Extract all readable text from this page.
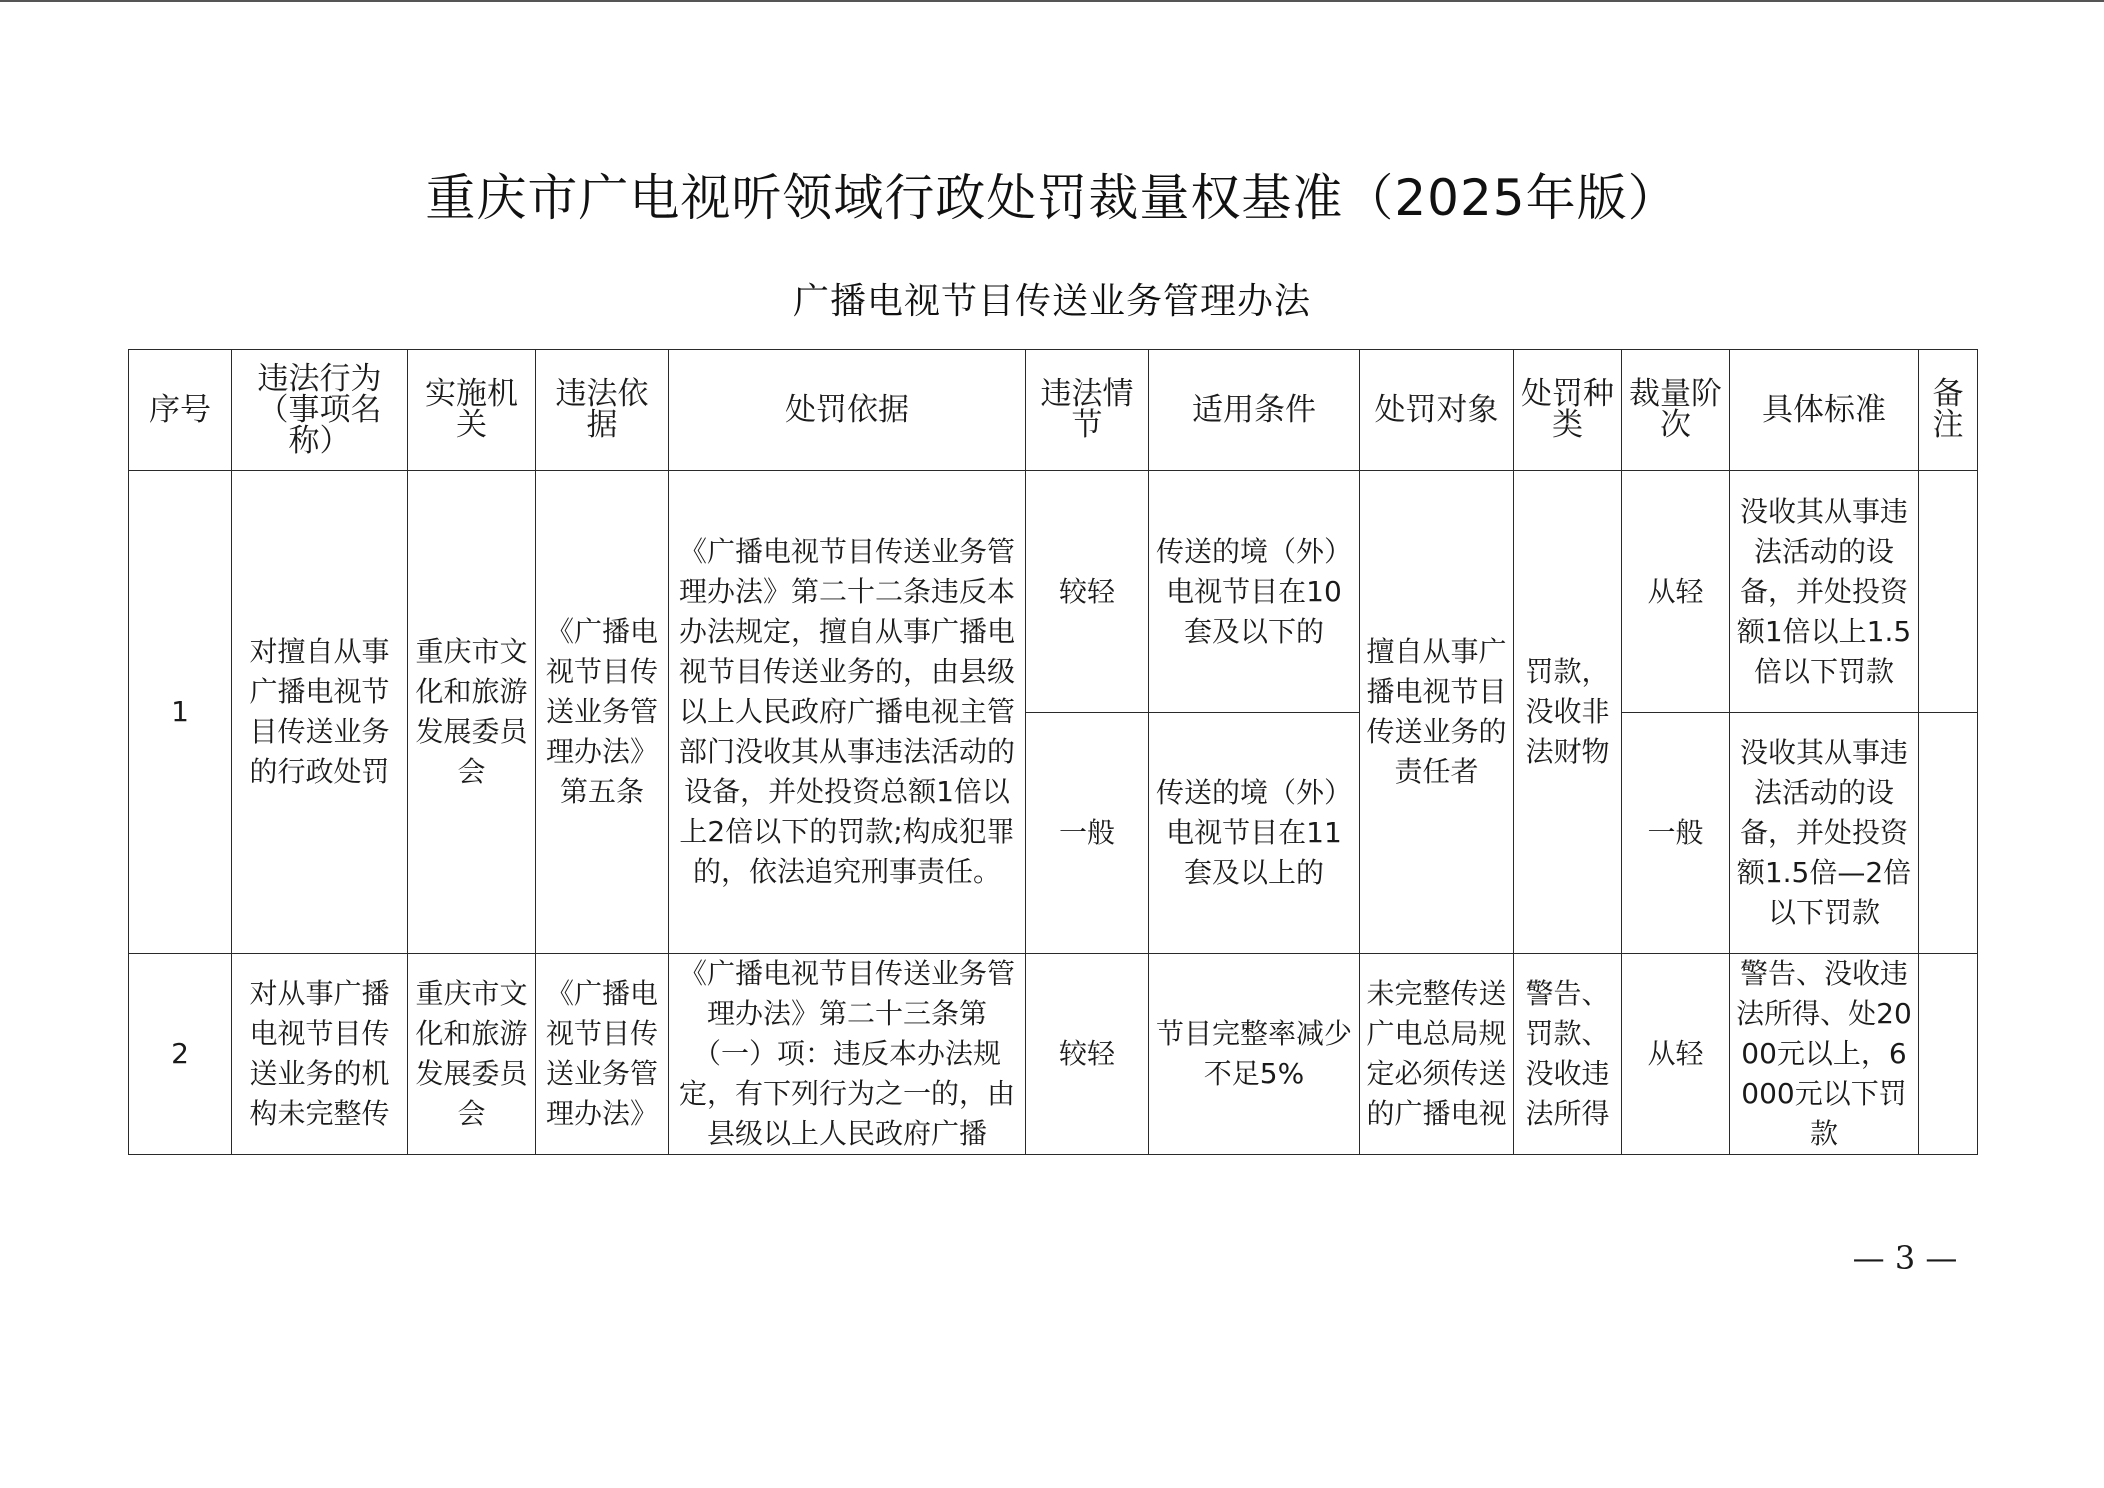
重庆市广电视听领域行政处罚裁量权基准（2025年版）
广播电视节目传送业务管理办法
序号	违法行为（事项名称）	实施机关	违法依据	处罚依据	违法情节	适用条件	处罚对象	处罚种类	裁量阶次	具体标准	备注
1	对擅自从事广播电视节目传送业务的行政处罚	重庆市文化和旅游发展委员会	《广播电视节目传送业务管理办法》第五条	《广播电视节目传送业务管理办法》第二十二条违反本办法规定，擅自从事广播电视节目传送业务的，由县级以上人民政府广播电视主管部门没收其从事违法活动的设备，并处投资总额1倍以上2倍以下的罚款;构成犯罪的，依法追究刑事责任。	较轻	传送的境（外）电视节目在10套及以下的	擅自从事广播电视节目传送业务的责任者	罚款，没收非法财物	从轻	没收其从事违法活动的设备，并处投资额1倍以上1.5倍以下罚款	
					一般	传送的境（外）电视节目在11套及以上的			一般	没收其从事违法活动的设备，并处投资额1.5倍—2倍以下罚款	
2	对从事广播电视节目传送业务的机构未完整传	重庆市文化和旅游发展委员会	《广播电视节目传送业务管理办法》	《广播电视节目传送业务管理办法》第二十三条第（一）项：违反本办法规定，有下列行为之一的，由县级以上人民政府广播	较轻	节目完整率减少不足5%	未完整传送广电总局规定必须传送的广播电视	警告、罚款、没收违法所得	从轻	警告、没收违法所得、处2000元以上，6000元以下罚款	
— 3 —
